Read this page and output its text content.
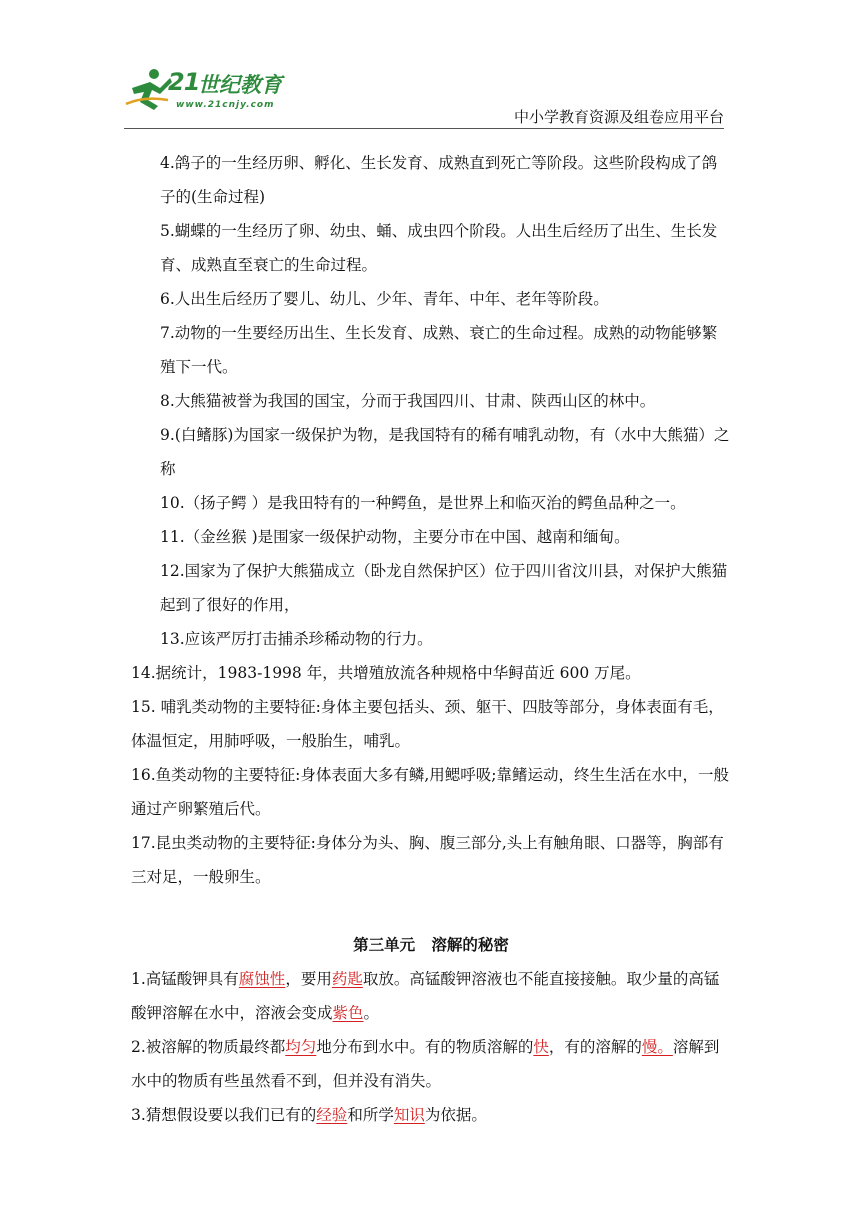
21
世纪教育
www.21cnjy.com
中小学教育资源及组卷应用平台

4.鸽子的一生经历卵、孵化、生长发育、成熟直到死亡等阶段。这些阶段构成了鸽子的(生命过程)

5.蝴蝶的一生经历了卵、幼虫、蛹、成虫四个阶段。人出生后经历了出生、生长发育、成熟直至衰亡的生命过程。

6.人出生后经历了婴儿、幼儿、少年、青年、中年、老年等阶段。

7.动物的一生要经历出生、生长发育、成熟、衰亡的生命过程。成熟的动物能够繁殖下一代。

8.大熊猫被誉为我国的国宝，分而于我国四川、甘肃、陕西山区的林中。

9.(白鳍豚)为国家一级保护为物，是我国特有的稀有哺乳动物，有（水中大熊猫）之称

10.（扬子鳄 ）是我田特有的一种鳄鱼，是世界上和临灭治的鳄鱼品种之一。

11.（金丝猴 )是围家一级保护动物，主要分市在中国、越南和缅甸。

12.国家为了保护大熊猫成立（卧龙自然保护区）位于四川省汶川县，对保护大熊猫起到了很好的作用，

13.应该严厉打击捕杀珍稀动物的行力。

14.据统计，1983-1998 年，共增殖放流各种规格中华鲟苗近 600 万尾。

15. 哺乳类动物的主要特征:身体主要包括头、颈、躯干、四肢等部分，身体表面有毛，体温恒定，用肺呼吸，一般胎生，哺乳。

16.鱼类动物的主要特征:身体表面大多有鳞,用鳃呼吸;靠鳍运动，终生生活在水中，一般通过产卵繁殖后代。

17.昆虫类动物的主要特征:身体分为头、胸、腹三部分,头上有触角眼、口器等，胸部有三对足，一般卵生。

第三单元 溶解的秘密

1.高锰酸钾具有腐蚀性，要用药匙取放。高锰酸钾溶液也不能直接接触。取少量的高锰酸钾溶解在水中，溶液会变成紫色。

2.被溶解的物质最终都均匀地分布到水中。有的物质溶解的快，有的溶解的慢。溶解到水中的物质有些虽然看不到，但并没有消失。

3.猜想假设要以我们已有的经验和所学知识为依据。
